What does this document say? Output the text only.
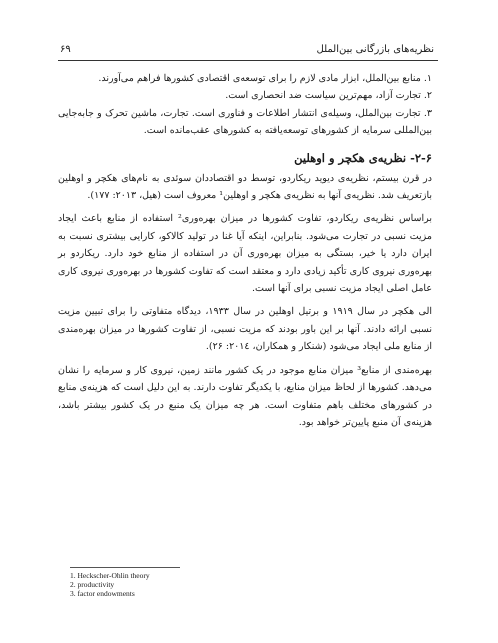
۶۹	نظریه‌های بازرگانی بین‌الملل
۱. منابع بین‌الملل، ابزار مادی لازم را برای توسعه‌ی اقتصادی کشورها فراهم می‌آورند.
۲. تجارت آزاد، مهم‌ترین سیاست ضد انحصاری است.
۳. تجارت بین‌الملل، وسیله‌ی انتشار اطلاعات و فناوری است. تجارت، ماشین تحرک و جابه‌جایی بین‌المللی سرمایه از کشورهای توسعه‌یافته به کشورهای عقب‌مانده است.
۲-۶- نظریه‌ی هکچر و اوهلین

در قرن بیستم، نظریه‌ی دیوید ریکاردو، توسط دو اقتصاددان سوئدی به نام‌های هکچر و اوهلین بازتعریف شد. نظریه‌ی آنها به نظریه‌ی هکچر و اوهلین¹ معروف است (هیل، ۲۰۱۳: ۱۷۷).

براساس نظریه‌ی ریکاردو، تفاوت کشورها در میزان بهره‌وری² استفاده از منابع باعث ایجاد مزیت نسبی در تجارت می‌شود. بنابراین، اینکه آیا غنا در تولید کالاکو، کارایی بیشتری نسبت به ایران دارد یا خیر، بستگی به میزان بهره‌وری آن در استفاده از منابع خود دارد. ریکاردو بر بهره‌وری نیروی کاری تأکید زیادی دارد و معتقد است که تفاوت کشورها در بهره‌وری نیروی کاری عامل اصلی ایجاد مزیت نسبی برای آنها است.

الی هکچر در سال ۱۹۱۹ و برتیل اوهلین در سال ۱۹۳۳، دیدگاه متفاوتی را برای تبیین مزیت نسبی ارائه دادند. آنها بر این باور بودند که مزیت نسبی، از تفاوت کشورها در میزان بهره‌مندی از منابع ملی ایجاد می‌شود (شنکار و همکاران، ۲۰۱٤: ۲۶).

بهره‌مندی از منابع³ میزان منابع موجود در یک کشور مانند زمین، نیروی کار و سرمایه را نشان می‌دهد. کشورها از لحاظ میزان منابع، با یکدیگر تفاوت دارند. به این دلیل است که هزینه‌ی منابع در کشورهای مختلف باهم متفاوت است. هر چه میزان یک منبع در یک کشور بیشتر باشد، هزینه‌ی آن منبع پایین‌تر خواهد بود.

1. Heckscher-Ohlin theory
2. productivity
3. factor endowments
